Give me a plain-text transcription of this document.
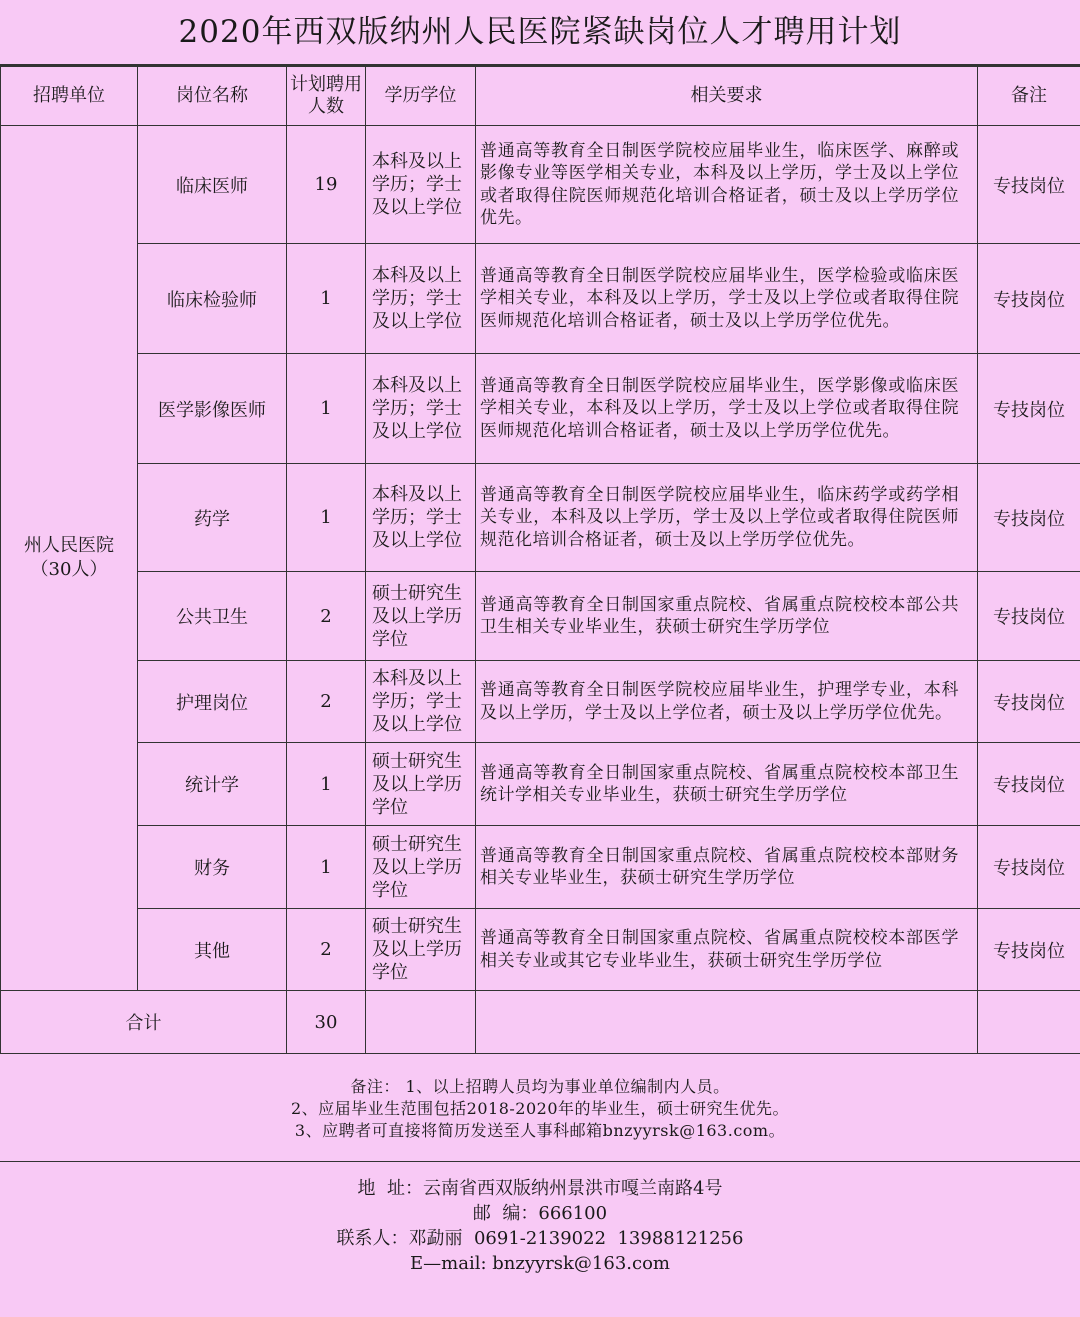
2020年西双版纳州人民医院紧缺岗位人才聘用计划
招聘单位	岗位名称	计划聘用人数	学历学位	相关要求	备注
州人民医院（30人）	临床医师	19	本科及以上学历；学士及以上学位	普通高等教育全日制医学院校应届毕业生，临床医学、麻醉或影像专业等医学相关专业，本科及以上学历，学士及以上学位或者取得住院医师规范化培训合格证者，硕士及以上学历学位优先。	专技岗位
	临床检验师	1	本科及以上学历；学士及以上学位	普通高等教育全日制医学院校应届毕业生，医学检验或临床医学相关专业，本科及以上学历，学士及以上学位或者取得住院医师规范化培训合格证者，硕士及以上学历学位优先。	专技岗位
	医学影像医师	1	本科及以上学历；学士及以上学位	普通高等教育全日制医学院校应届毕业生，医学影像或临床医学相关专业，本科及以上学历，学士及以上学位或者取得住院医师规范化培训合格证者，硕士及以上学历学位优先。	专技岗位
	药学	1	本科及以上学历；学士及以上学位	普通高等教育全日制医学院校应届毕业生，临床药学或药学相关专业，本科及以上学历，学士及以上学位或者取得住院医师规范化培训合格证者，硕士及以上学历学位优先。	专技岗位
	公共卫生	2	硕士研究生及以上学历学位	普通高等教育全日制国家重点院校、省属重点院校校本部公共卫生相关专业毕业生，获硕士研究生学历学位	专技岗位
	护理岗位	2	本科及以上学历；学士及以上学位	普通高等教育全日制医学院校应届毕业生，护理学专业，本科及以上学历，学士及以上学位者，硕士及以上学历学位优先。	专技岗位
	统计学	1	硕士研究生及以上学历学位	普通高等教育全日制国家重点院校、省属重点院校校本部卫生统计学相关专业毕业生，获硕士研究生学历学位	专技岗位
	财务	1	硕士研究生及以上学历学位	普通高等教育全日制国家重点院校、省属重点院校校本部财务相关专业毕业生，获硕士研究生学历学位	专技岗位
	其他	2	硕士研究生及以上学历学位	普通高等教育全日制国家重点院校、省属重点院校校本部医学相关专业或其它专业毕业生，获硕士研究生学历学位	专技岗位
合计		30			
备注： 1、以上招聘人员均为事业单位编制内人员。
2、应届毕业生范围包括2018-2020年的毕业生，硕士研究生优先。
3、应聘者可直接将简历发送至人事科邮箱bnzyyrsk@163.com。
地  址：云南省西双版纳州景洪市嘎兰南路4号
邮  编：666100
联系人：邓勐丽  0691-2139022  13988121256
E—mail: bnzyyrsk@163.com
